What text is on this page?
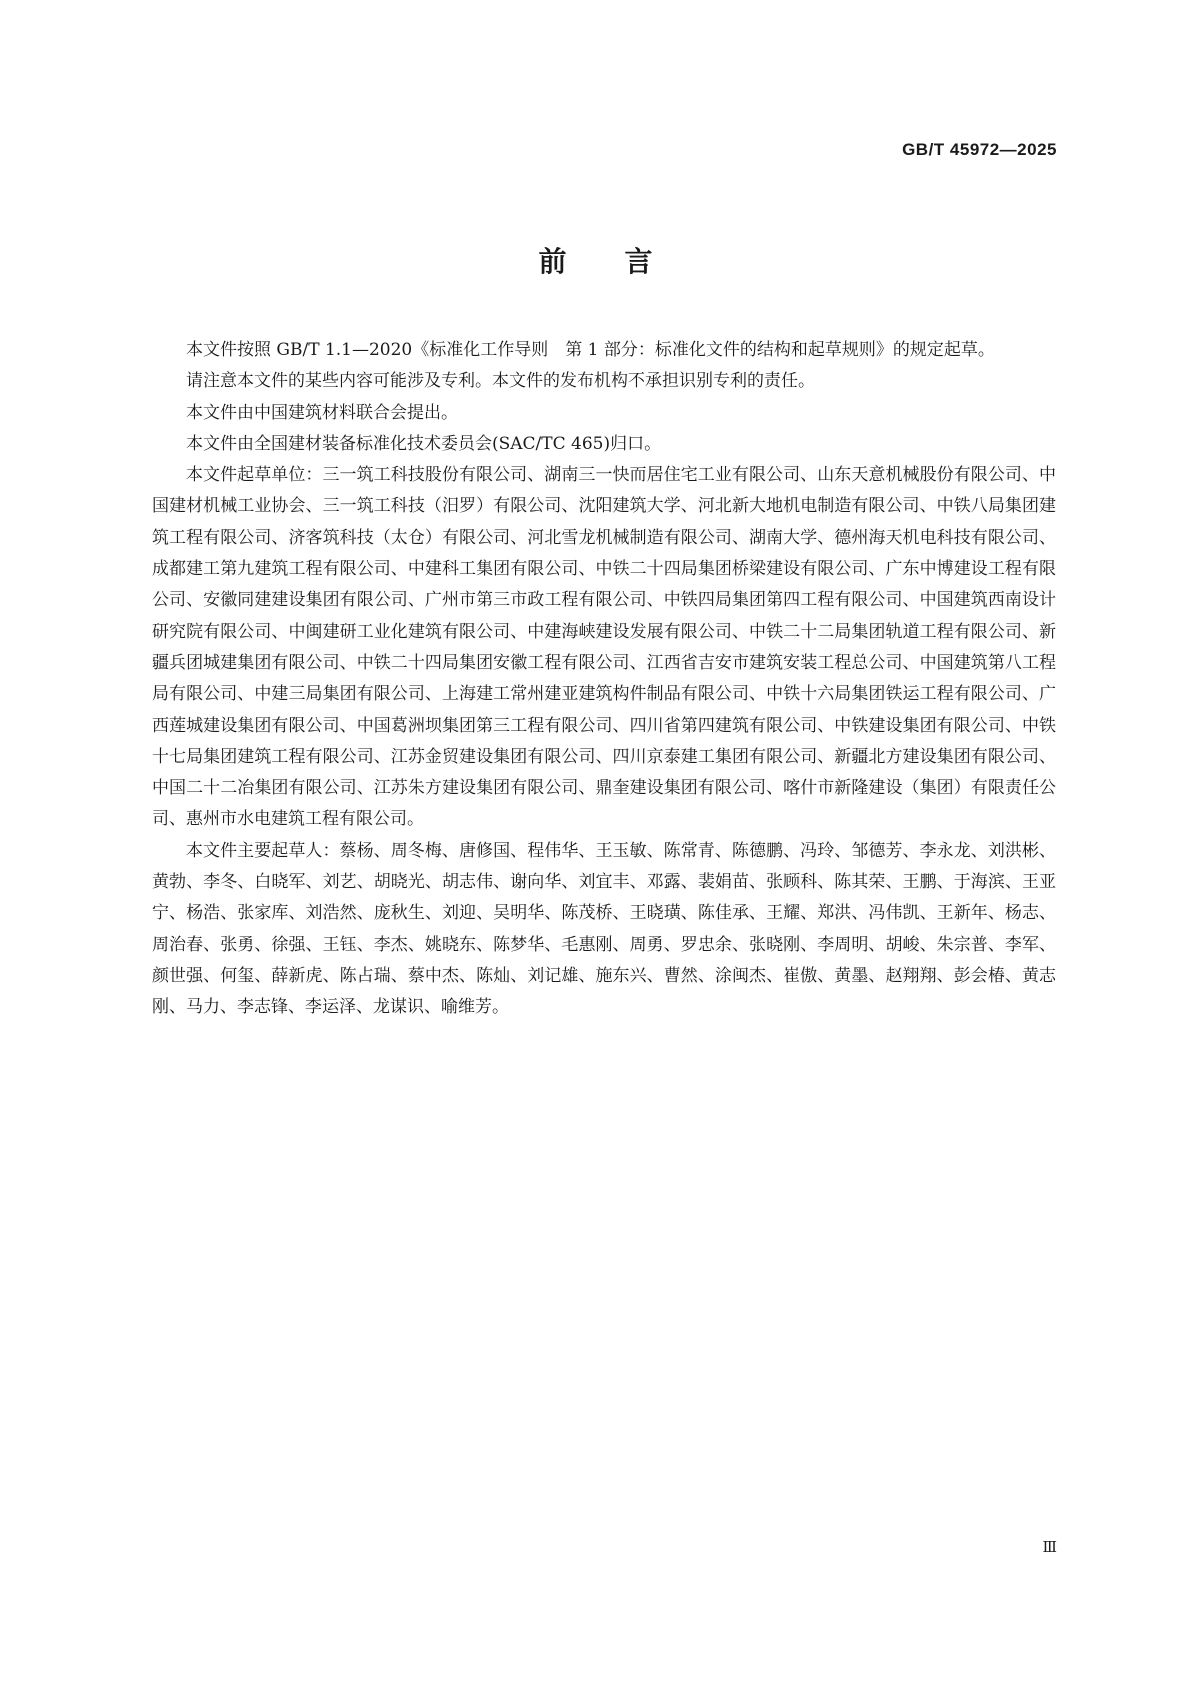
GB/T 45972—2025
前言

本文件按照 GB/T 1.1—2020《标准化工作导则　第 1 部分：标准化文件的结构和起草规则》的规定起草。

请注意本文件的某些内容可能涉及专利。本文件的发布机构不承担识别专利的责任。

本文件由中国建筑材料联合会提出。

本文件由全国建材装备标准化技术委员会(SAC/TC 465)归口。

本文件起草单位：三一筑工科技股份有限公司、湖南三一快而居住宅工业有限公司、山东天意机械股份有限公司、中国建材机械工业协会、三一筑工科技（汨罗）有限公司、沈阳建筑大学、河北新大地机电制造有限公司、中铁八局集团建筑工程有限公司、济客筑科技（太仓）有限公司、河北雪龙机械制造有限公司、湖南大学、德州海天机电科技有限公司、成都建工第九建筑工程有限公司、中建科工集团有限公司、中铁二十四局集团桥梁建设有限公司、广东中博建设工程有限公司、安徽同建建设集团有限公司、广州市第三市政工程有限公司、中铁四局集团第四工程有限公司、中国建筑西南设计研究院有限公司、中闽建研工业化建筑有限公司、中建海峡建设发展有限公司、中铁二十二局集团轨道工程有限公司、新疆兵团城建集团有限公司、中铁二十四局集团安徽工程有限公司、江西省吉安市建筑安装工程总公司、中国建筑第八工程局有限公司、中建三局集团有限公司、上海建工常州建亚建筑构件制品有限公司、中铁十六局集团铁运工程有限公司、广西莲城建设集团有限公司、中国葛洲坝集团第三工程有限公司、四川省第四建筑有限公司、中铁建设集团有限公司、中铁十七局集团建筑工程有限公司、江苏金贸建设集团有限公司、四川京泰建工集团有限公司、新疆北方建设集团有限公司、中国二十二冶集团有限公司、江苏朱方建设集团有限公司、鼎奎建设集团有限公司、喀什市新隆建设（集团）有限责任公司、惠州市水电建筑工程有限公司。

本文件主要起草人：蔡杨、周冬梅、唐修国、程伟华、王玉敏、陈常青、陈德鹏、冯玲、邹德芳、李永龙、刘洪彬、黄勃、李冬、白晓军、刘艺、胡晓光、胡志伟、谢向华、刘宜丰、邓露、裴娟苗、张顾科、陈其荣、王鹏、于海滨、王亚宁、杨浩、张家库、刘浩然、庞秋生、刘迎、吴明华、陈茂桥、王晓璜、陈佳承、王耀、郑洪、冯伟凯、王新年、杨志、周治春、张勇、徐强、王钰、李杰、姚晓东、陈梦华、毛惠刚、周勇、罗忠余、张晓刚、李周明、胡峻、朱宗普、李军、颜世强、何玺、薛新虎、陈占瑞、蔡中杰、陈灿、刘记雄、施东兴、曹然、涂闽杰、崔傲、黄墨、赵翔翔、彭会椿、黄志刚、马力、李志锋、李运泽、龙谋识、喻维芳。

Ⅲ
